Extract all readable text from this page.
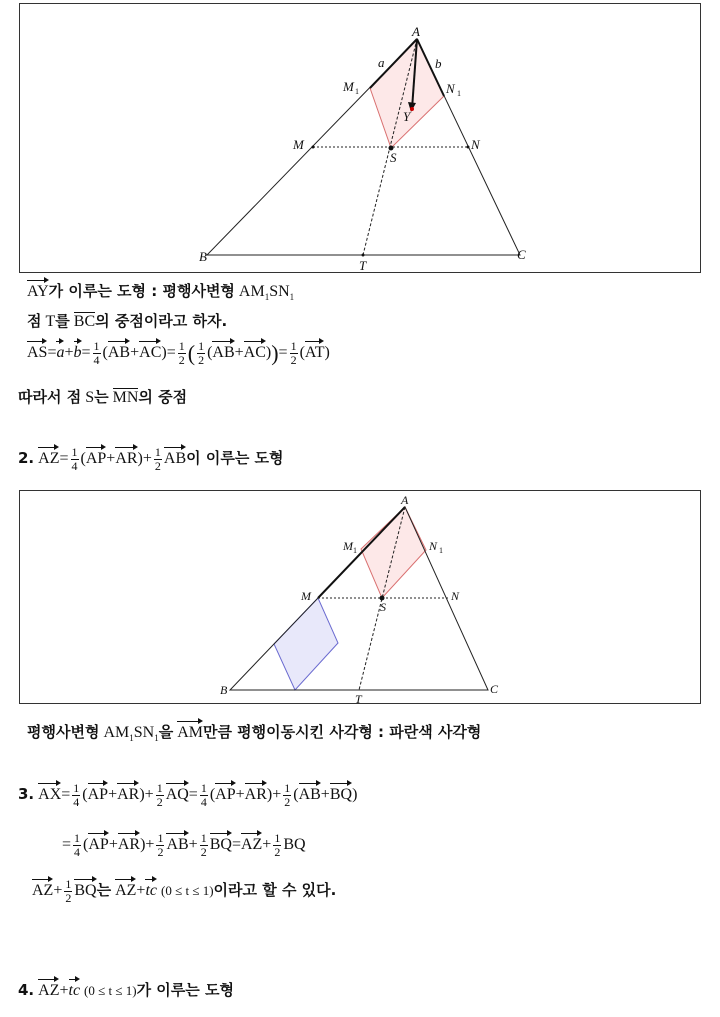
A
B	C
M	N
M 1	N 1
S
T
Y
a	b
AY가 이루는 도형 : 평행사변형 $AM_1SN_1$
점 T를 BC의 중점이라고 하자.
$AS=a+b= \frac{1}{4} (AB+AC)= \frac{1}{2}$ ( $\frac{1}{2} (AB+AC))= \frac{1}{2} (AT)$
따라서 점 S는 MN의 중점
2. $AZ= \frac{1}{4} (AP+AR)+ \frac{1}{2}$ AB이 이루는 도형
A
B	C
M	N
M 1	N 1
S
T
평행사변형 $AM_1SN_1$을 AM만큼 평행이동시킨 사각형 : 파란색 사각형
3. $AX= \frac{1}{4} (AP+AR)+ \frac{1}{2} AQ= \frac{1}{4} (AP+AR)+ \frac{1}{2} (AB+BQ)$
= $\frac{1}{4} (AP+AR)+ \frac{1}{2} AB+ \frac{1}{2} BQ=AZ+ \frac{1}{2}$ BQ
$AZ+ \frac{1}{2}$ BQ는 AZ+tc (0 ≤ t ≤ 1)이라고 할 수 있다.
4. AZ+tc (0 ≤ t ≤ 1)가 이루는 도형
